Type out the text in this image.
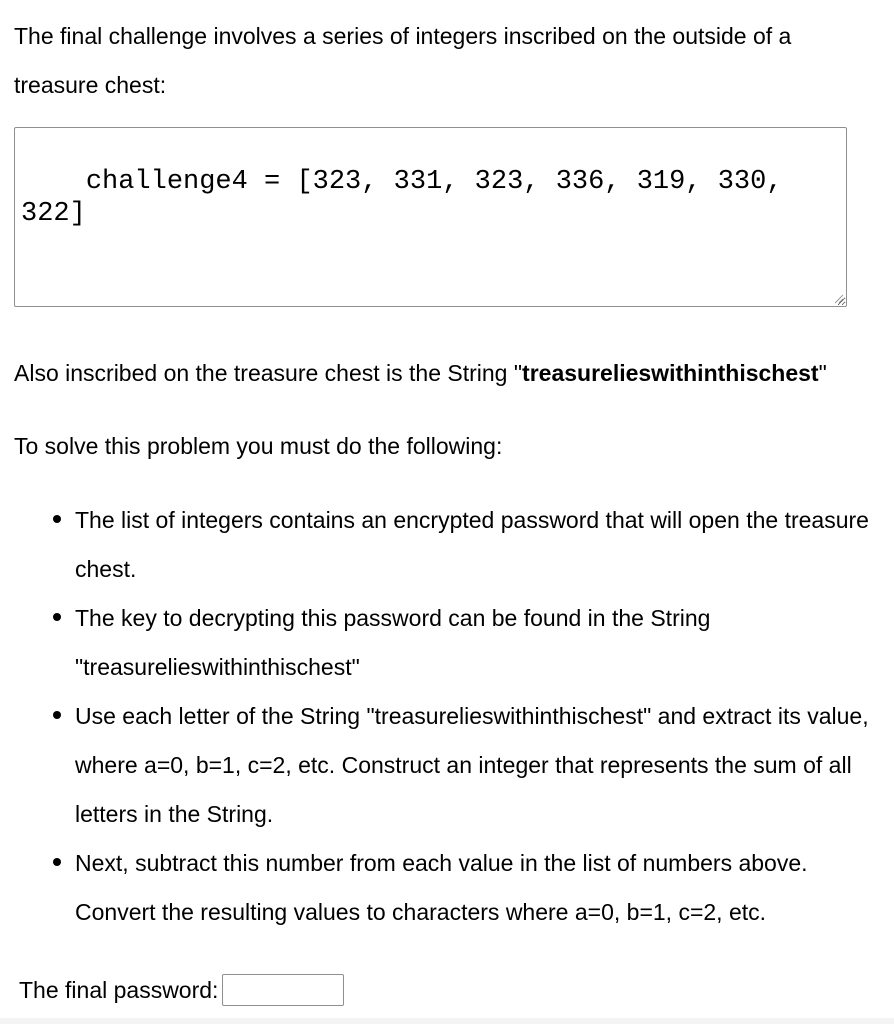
The final challenge involves a series of integers inscribed on the outside of a treasure chest:

challenge4 = [323, 331, 323, 336, 319, 330, 322]

Also inscribed on the treasure chest is the String "treasurelieswithinthischest"

To solve this problem you must do the following:

The list of integers contains an encrypted password that will open the treasure chest.
The key to decrypting this password can be found in the String "treasurelieswithinthischest"
Use each letter of the String "treasurelieswithinthischest" and extract its value, where a=0, b=1, c=2, etc. Construct an integer that represents the sum of all letters in the String.
Next, subtract this number from each value in the list of numbers above. Convert the resulting values to characters where a=0, b=1, c=2, etc.
The final password:
